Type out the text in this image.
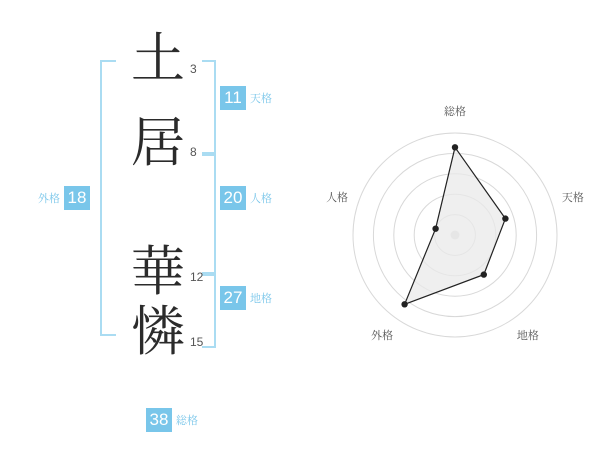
土
居
華
憐
3
8
12
15
11 天格
20 人格
27 地格
外格 18
38 総格
総格
天格
地格
外格
人格
